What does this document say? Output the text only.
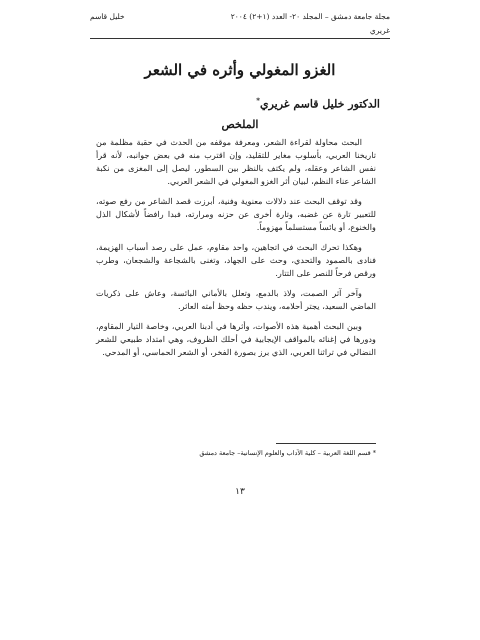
مجلة جامعة دمشق – المجلد ٢٠- العدد (١+٢) ٢٠٠٤
خليل قاسم
غريري
الغزو المغولي وأثره في الشعر
الدكتور خليل قاسم غريري*
الملخص

البحث محاولة لقراءة الشعر، ومعرفة موقفه من الحدث في حقبة مظلمة من تاريخنا العربي، بأسلوب مغاير للتقليد، وإن اقترب منه في بعض جوانبه، لأنه قرأ نفس الشاعر وعقله، ولم يكتف بالنظر بين السطور، ليصل إلى المغزى من نكبة الشاعر عناء النظم، لبيان أثر الغزو المغولي في الشعر العربي.

وقد توقف البحث عند دلالات معنوية وفنية، أبرزت قصد الشاعر من رفع صوته، للتعبير تارة عن غضبه، وتارة أخرى عن حزنه ومرارته، فبدا رافضاً لأشكال الذل والخنوع، أو يائساً مستسلماً مهزوماً.

وهكذا تحرك البحث في اتجاهين، واحد مقاوم، عمل على رصد أسباب الهزيمة، فنادى بالصمود والتحدي، وحث على الجهاد، وتغنى بالشجاعة والشجعان، وطرب ورقص فرحاً للنصر على التتار.

وآخر آثر الصمت، ولاذ بالدمع، وتعلل بالأماني البائسة، وعاش على ذكريات الماضي السعيد، يجتر أحلامه، ويندب حظه وحظ أمته العاثر.

وبين البحث أهمية هذه الأصوات، وأثرها في أدبنا العربي، وخاصة التيار المقاوم، ودورها في إغنائه بالمواقف الإيجابية في أحلك الظروف، وهي امتداد طبيعي للشعر النضالي في تراثنا العربي، الذي برز بصورة الفخر، أو الشعر الحماسي، أو المدحي.

* قسم اللغة العربية – كلية الآداب والعلوم الإنسانية– جامعة دمشق
١٣
